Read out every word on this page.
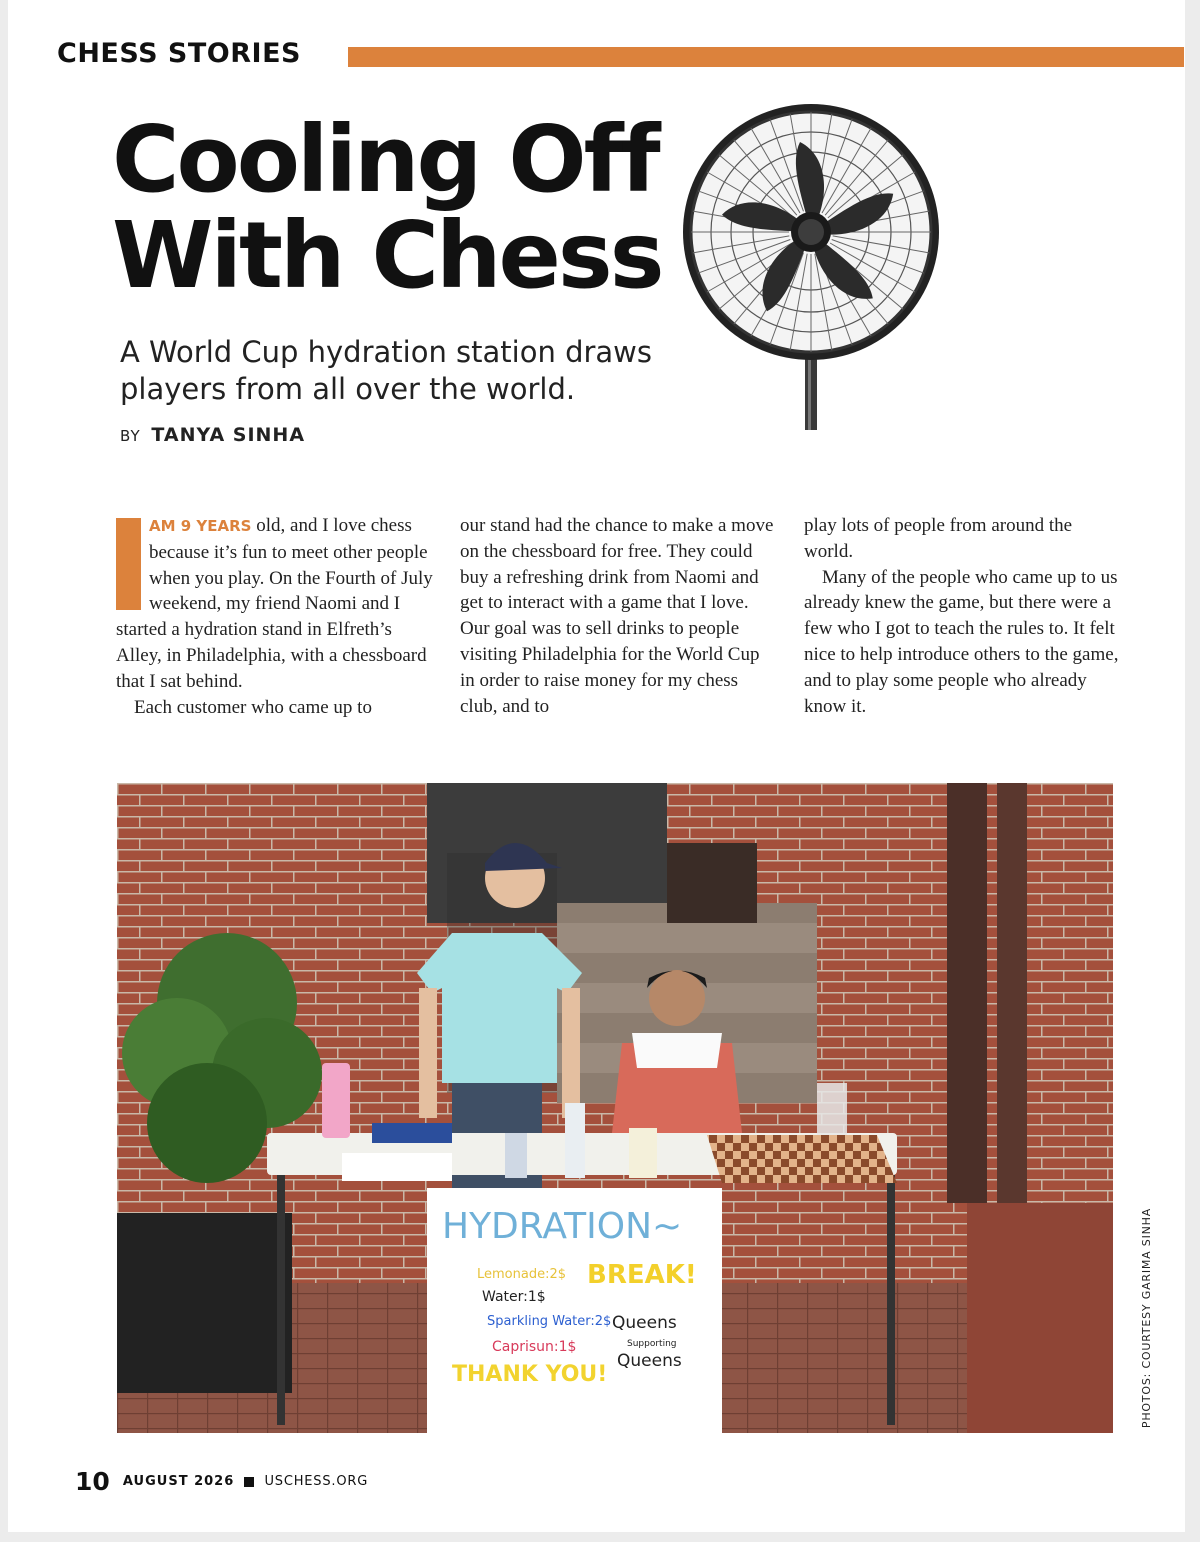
CHESS STORIES
Cooling Off
With Chess
A World Cup hydration station draws players from all over the world.
BY TANYA SINHA

AM 9 YEARS old, and I love chess because it’s fun to meet other people when you play. On the Fourth of July weekend, my friend Naomi and I started a hydration stand in Elfreth’s Alley, in Philadelphia, with a chessboard that I sat behind.

Each customer who came up to

our stand had the chance to make a move on the chessboard for free. They could buy a refreshing drink from Naomi and get to interact with a game that I love. Our goal was to sell drinks to people visiting Philadelphia for the World Cup in order to raise money for my chess club, and to

play lots of people from around the world.

Many of the people who came up to us already knew the game, but there were a few who I got to teach the rules to. It felt nice to help introduce others to the game, and to play some people who already know it.

HYDRATION~
BREAK!
Lemonade:2$
Water:1$
Sparkling Water:2$
Caprisun:1$
Queens
Supporting
Queens
THANK YOU!	PHOTOS: COURTESY GARIMA SINHA
10 AUGUST 2026 USCHESS.ORG
